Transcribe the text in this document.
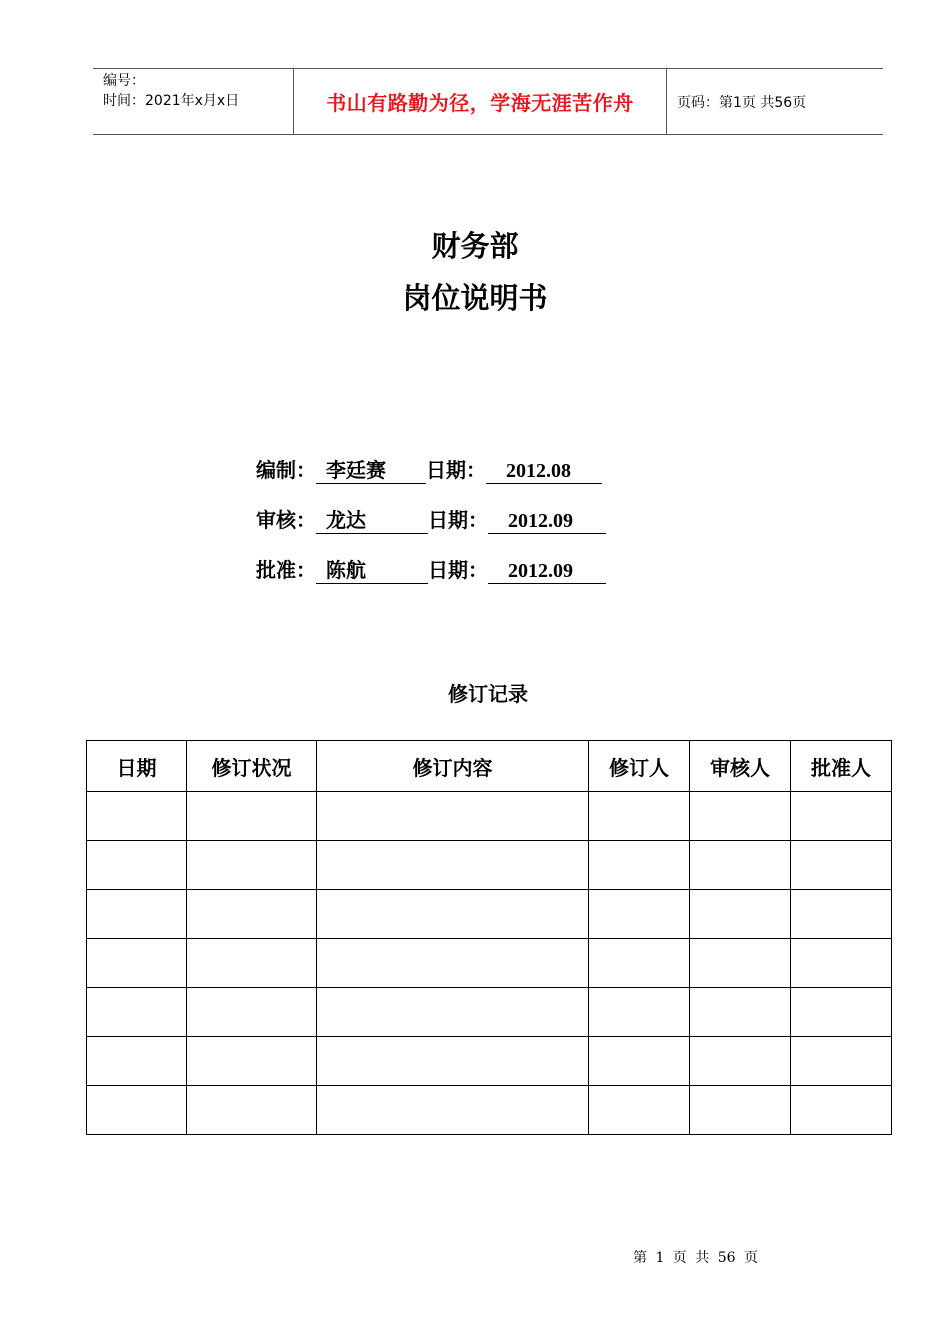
编号：
时间：2021年x月x日	书山有路勤为径，学海无涯苦作舟	页码：第1页 共56页
财务部
岗位说明书
编制： 李廷赛	日期：	2012.08
审核： 龙达	日期：	2012.09
批准： 陈航	日期：	2012.09
修订记录
日期	修订状况	修订内容	修订人	审核人	批准人

第 1 页 共 56 页
